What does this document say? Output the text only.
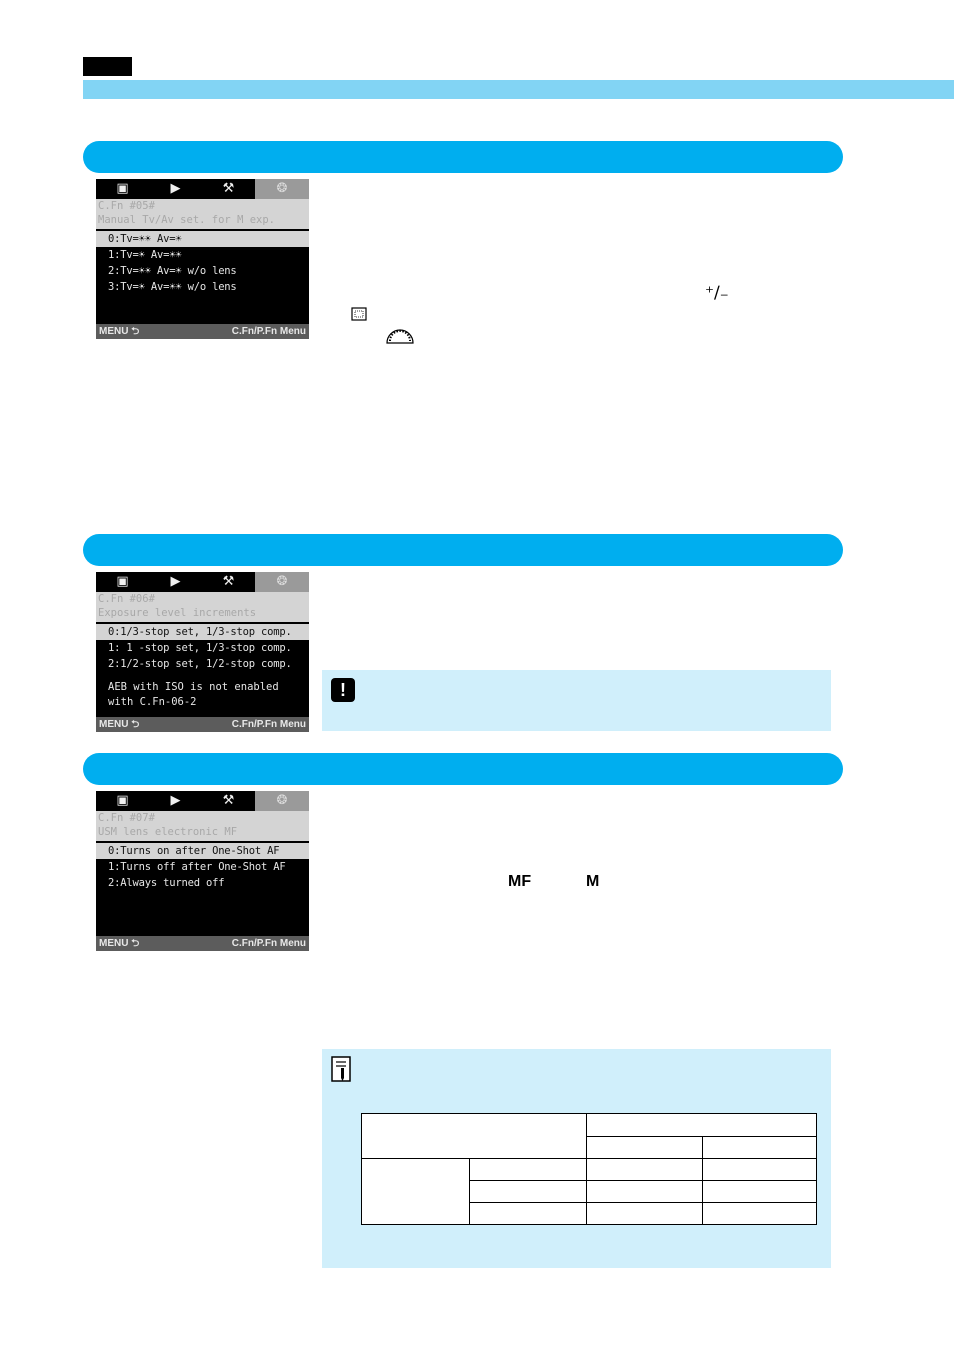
▣	▶	⚒	❂
C.Fn #05#
Manual Tv/Av set. for M exp.
0:Tv=☀☀ Av=☀
1:Tv=☀ Av=☀☀
2:Tv=☀☀ Av=☀ w/o lens
3:Tv=☀ Av=☀☀ w/o lens
MENU ⮌	C.Fn/P.Fn Menu
⁺∕₋
▣	▶	⚒	❂
C.Fn #06#
Exposure level increments
0:1/3-stop set, 1/3-stop comp.
1: 1 -stop set, 1/3-stop comp.
2:1/2-stop set, 1/2-stop comp.
AEB with ISO is not enabled
with C.Fn-06-2
MENU ⮌	C.Fn/P.Fn Menu
!
▣	▶	⚒	❂
C.Fn #07#
USM lens electronic MF
0:Turns on after One-Shot AF
1:Turns off after One-Shot AF
2:Always turned off
MENU ⮌	C.Fn/P.Fn Menu
MF	M
